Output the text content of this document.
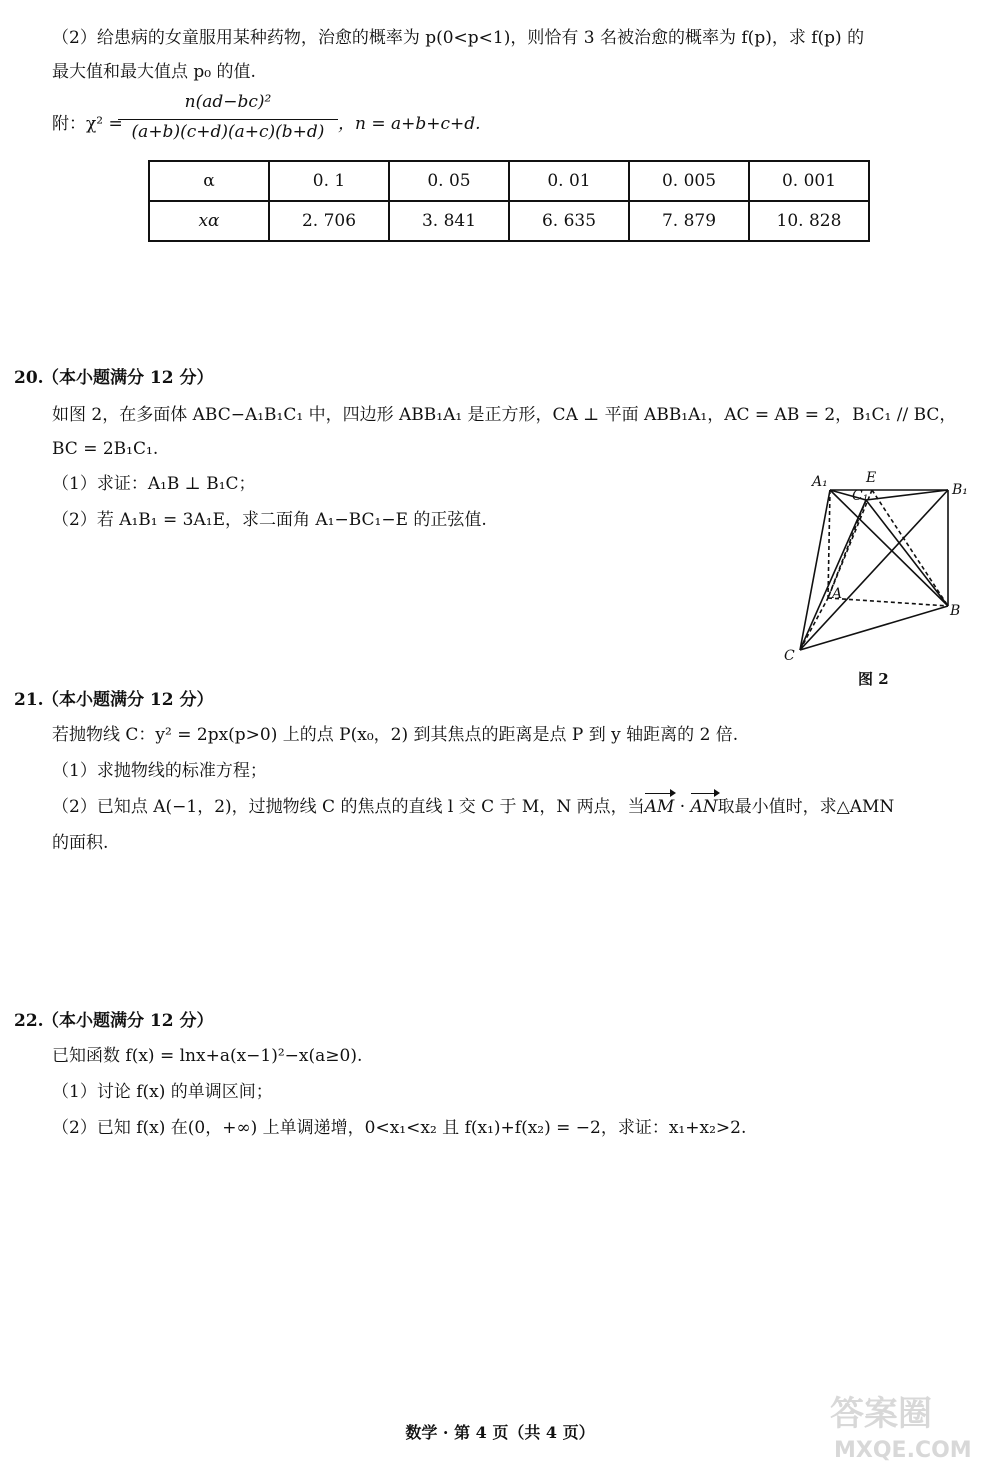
（2）给患病的女童服用某种药物，治愈的概率为 p(0<p<1)，则恰有 3 名被治愈的概率为 f(p)，求 f(p) 的
最大值和最大值点 p₀ 的值.
附：χ² =
n(ad−bc)²
(a+b)(c+d)(a+c)(b+d) ，n = a+b+c+d.
α	0. 1	0. 05	0. 01	0. 005	0. 001
xα	2. 706	3. 841	6. 635	7. 879	10. 828
20.
（本小题满分 12 分）
如图 2，在多面体 ABC−A₁B₁C₁ 中，四边形 ABB₁A₁ 是正方形，CA ⊥ 平面 ABB₁A₁，AC = AB = 2，B₁C₁ // BC，
BC = 2B₁C₁.
（1）求证：A₁B ⊥ B₁C；
（2）若 A₁B₁ = 3A₁E，求二面角 A₁−BC₁−E 的正弦值.
A₁	E
C₁	B₁
A
B
C
图 2
21.
（本小题满分 12 分）
若抛物线 C：y² = 2px(p>0) 上的点 P(x₀，2) 到其焦点的距离是点 P 到 y 轴距离的 2 倍.
（1）求抛物线的标准方程；
（2）已知点 A(−1，2)，过抛物线 C 的焦点的直线 l 交 C 于 M，N 两点，当AM · AN取最小值时，求△AMN
的面积.
22.
（本小题满分 12 分）
已知函数 f(x) = lnx+a(x−1)²−x(a≥0).
（1）讨论 f(x) 的单调区间；
（2）已知 f(x) 在(0，+∞) 上单调递增，0<x₁<x₂ 且 f(x₁)+f(x₂) = −2，求证：x₁+x₂>2.
数学 · 第 4 页（共 4 页）	答案圈
MXQE.COM
